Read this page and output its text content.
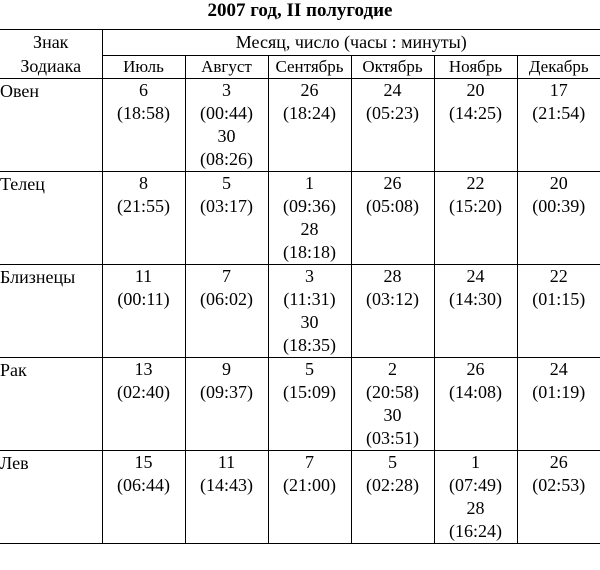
2007 год, II полугодие
Знак
Зодиака	Месяц, число (часы : минуты)					
	Июль	Август	Сентябрь	Октябрь	Ноябрь	Декабрь
Овен	6
(18:58)	3
(00:44)
30
(08:26)	26
(18:24)	24
(05:23)	20
(14:25)	17
(21:54)

Телец	8
(21:55)	5
(03:17)	1
(09:36)
28
(18:18)	26
(05:08)	22
(15:20)	20
(00:39)

Близнецы	11
(00:11)	7
(06:02)	3
(11:31)
30
(18:35)	28
(03:12)	24
(14:30)	22
(01:15)

Рак	13
(02:40)	9
(09:37)	5
(15:09)	2
(20:58)
30
(03:51)	26
(14:08)	24
(01:19)

Лев	15
(06:44)	11
(14:43)	7
(21:00)	5
(02:28)	1
(07:49)
28
(16:24)	26
(02:53)
